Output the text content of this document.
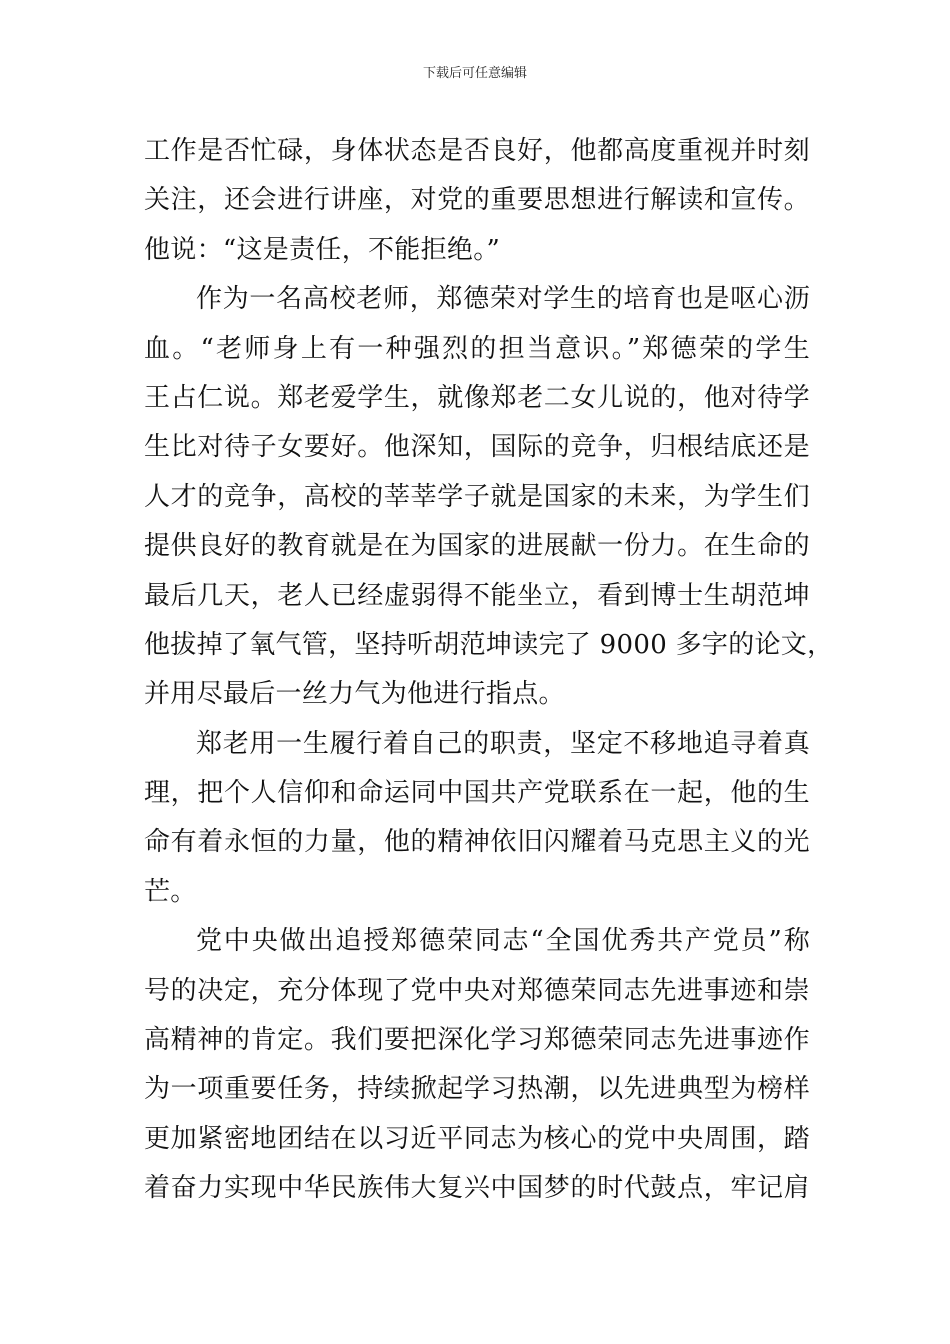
下载后可任意编辑
工作是否忙碌，身体状态是否良好，他都高度重视并时刻
关注，还会进行讲座，对党的重要思想进行解读和宣传。
他说：“这是责任，不能拒绝。”
作为一名高校老师，郑德荣对学生的培育也是呕心沥
血。“老师身上有一种强烈的担当意识。”郑德荣的学生
王占仁说。郑老爱学生，就像郑老二女儿说的，他对待学
生比对待子女要好。他深知，国际的竞争，归根结底还是
人才的竞争，高校的莘莘学子就是国家的未来，为学生们
提供良好的教育就是在为国家的进展献一份力。在生命的
最后几天，老人已经虚弱得不能坐立，看到博士生胡范坤
他拔掉了氧气管，坚持听胡范坤读完了 9000 多字的论文，
并用尽最后一丝力气为他进行指点。
郑老用一生履行着自己的职责，坚定不移地追寻着真
理，把个人信仰和命运同中国共产党联系在一起，他的生
命有着永恒的力量，他的精神依旧闪耀着马克思主义的光
芒。
党中央做出追授郑德荣同志“全国优秀共产党员”称
号的决定，充分体现了党中央对郑德荣同志先进事迹和崇
高精神的肯定。我们要把深化学习郑德荣同志先进事迹作
为一项重要任务，持续掀起学习热潮，以先进典型为榜样
更加紧密地团结在以习近平同志为核心的党中央周围，踏
着奋力实现中华民族伟大复兴中国梦的时代鼓点，牢记肩
